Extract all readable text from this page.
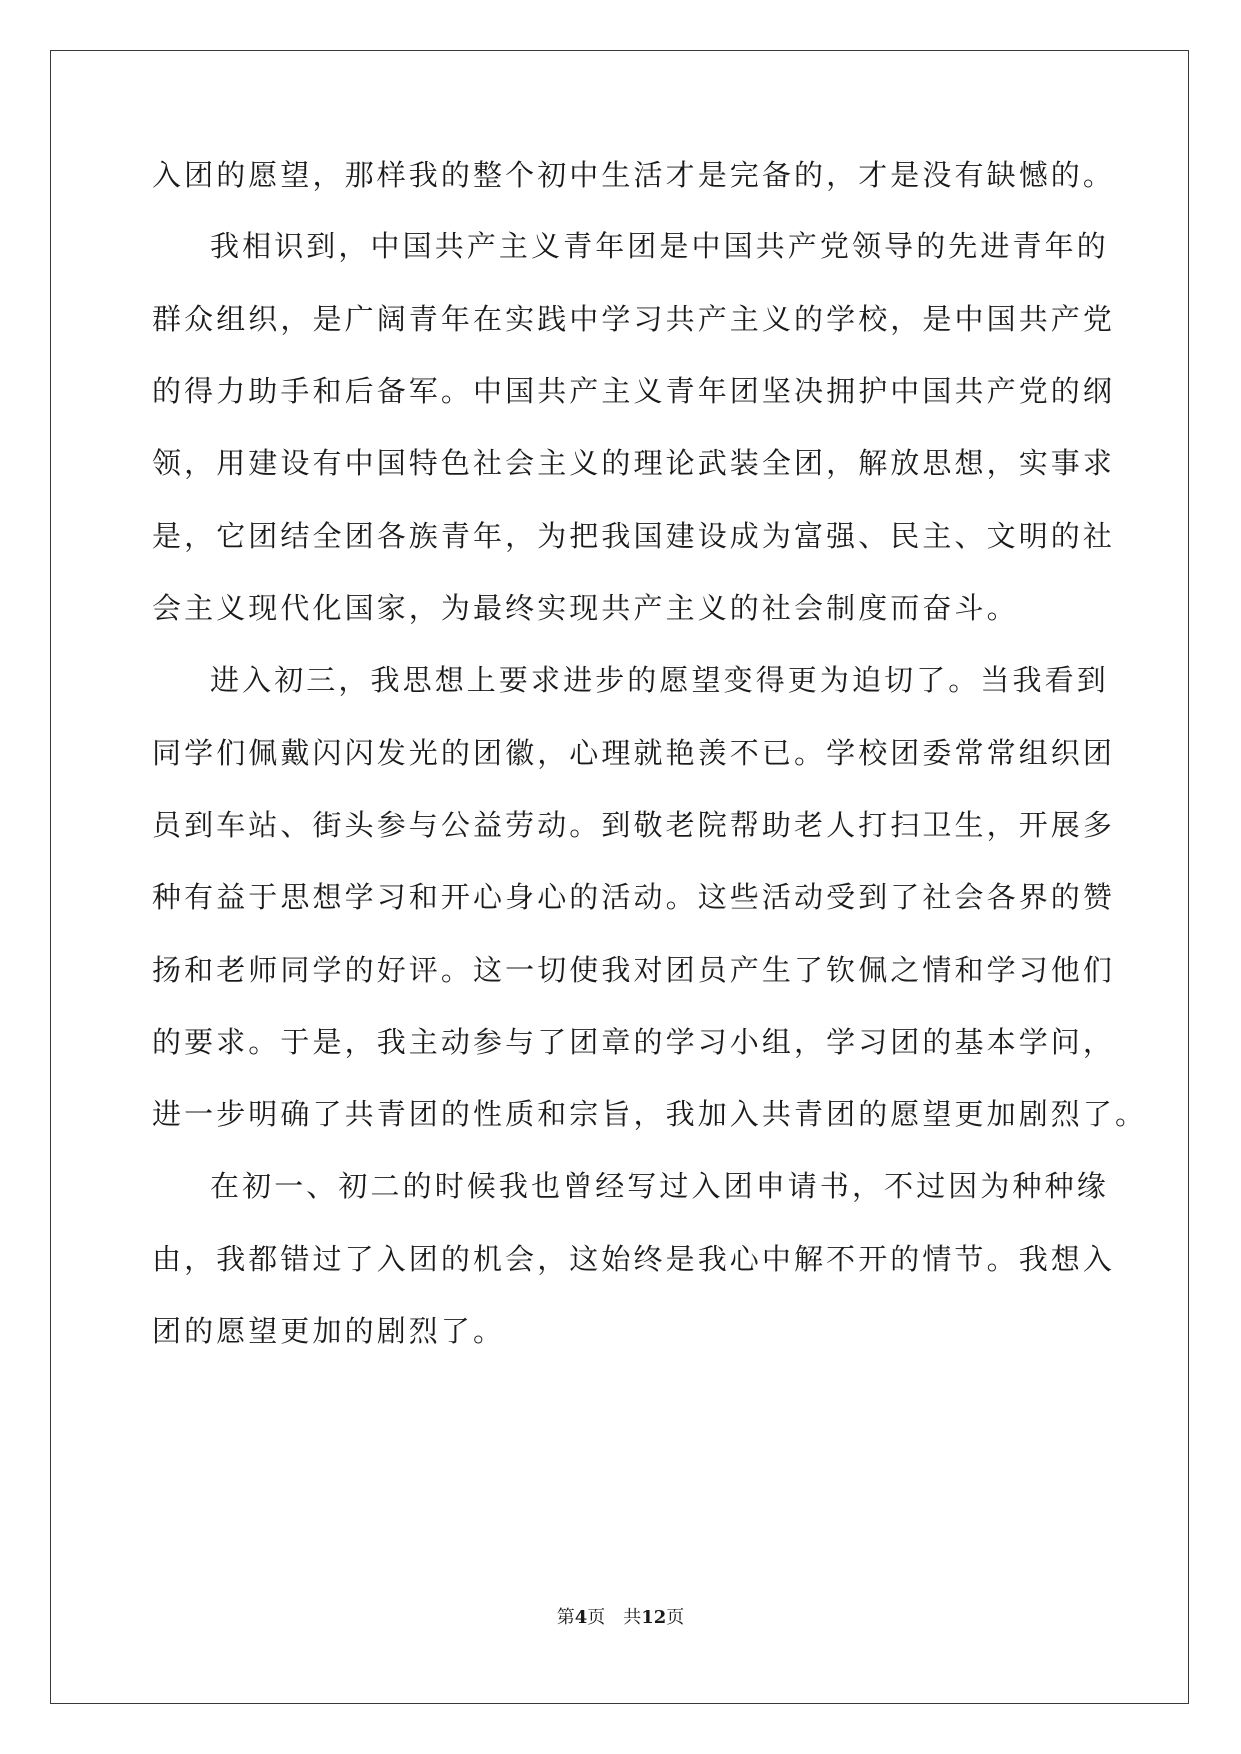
入团的愿望，那样我的整个初中生活才是完备的，才是没有缺憾的。
我相识到，中国共产主义青年团是中国共产党领导的先进青年的
群众组织，是广阔青年在实践中学习共产主义的学校，是中国共产党
的得力助手和后备军。中国共产主义青年团坚决拥护中国共产党的纲
领，用建设有中国特色社会主义的理论武装全团，解放思想，实事求
是，它团结全团各族青年，为把我国建设成为富强、民主、文明的社
会主义现代化国家，为最终实现共产主义的社会制度而奋斗。
进入初三，我思想上要求进步的愿望变得更为迫切了。当我看到
同学们佩戴闪闪发光的团徽，心理就艳羡不已。学校团委常常组织团
员到车站、街头参与公益劳动。到敬老院帮助老人打扫卫生，开展多
种有益于思想学习和开心身心的活动。这些活动受到了社会各界的赞
扬和老师同学的好评。这一切使我对团员产生了钦佩之情和学习他们
的要求。于是，我主动参与了团章的学习小组，学习团的基本学问，
进一步明确了共青团的性质和宗旨，我加入共青团的愿望更加剧烈了。
在初一、初二的时候我也曾经写过入团申请书，不过因为种种缘
由，我都错过了入团的机会，这始终是我心中解不开的情节。我想入
团的愿望更加的剧烈了。
第4页 共12页
